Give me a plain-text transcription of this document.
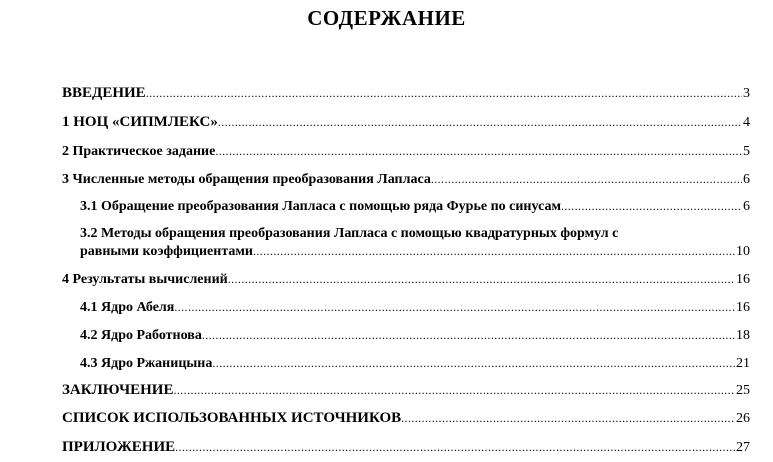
СОДЕРЖАНИЕ
ВВЕДЕНИЕ .....	3
1 НОЦ «СИПМЛЕКС» .....	4
2 Практическое задание .....	5
3 Численные методы обращения преобразования Лапласа .....	6
3.1 Обращение преобразования Лапласа с помощью ряда Фурье по синусам .....	6
3.2 Методы обращения преобразования Лапласа с помощью квадратурных формул с
равными коэффициентами .....	10
4 Результаты вычислений .....	16
4.1 Ядро Абеля .....	16
4.2 Ядро Работнова .....	18
4.3 Ядро Ржаницына .....	21
ЗАКЛЮЧЕНИЕ .....	25
СПИСОК ИСПОЛЬЗОВАННЫХ ИСТОЧНИКОВ .....	26
ПРИЛОЖЕНИЕ .....	27
